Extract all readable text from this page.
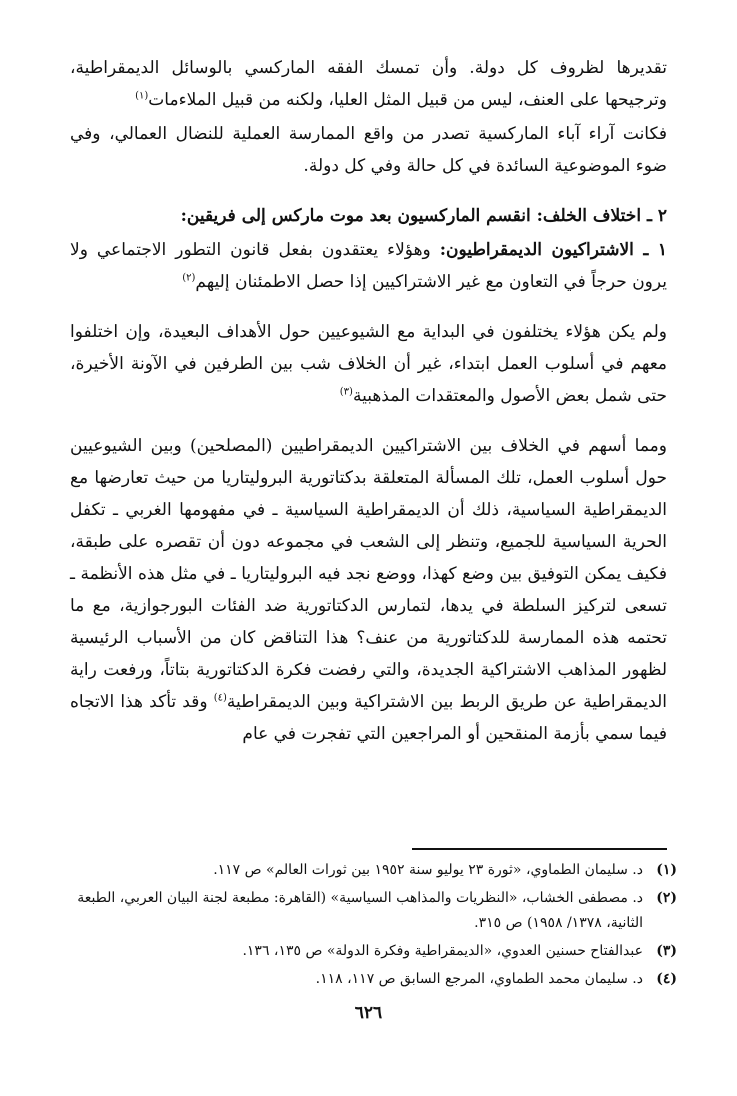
تقديرها لظروف كل دولة. وأن تمسك الفقه الماركسي بالوسائل الديمقراطية، وترجيحها على العنف، ليس من قبيل المثل العليا، ولكنه من قبيل الملاءمات$^{(١)}$

فكانت آراء آباء الماركسية تصدر من واقع الممارسة العملية للنضال العمالي، وفي ضوء الموضوعية السائدة في كل حالة وفي كل دولة.

٢ ـ اختلاف الخلف: انقسم الماركسيون بعد موت ماركس إلى فريقين:

١ ـ الاشتراكيون الديمقراطيون: وهؤلاء يعتقدون بفعل قانون التطور الاجتماعي ولا يرون حرجاً في التعاون مع غير الاشتراكيين إذا حصل الاطمئنان إليهم$^{(٢)}$

ولم يكن هؤلاء يختلفون في البداية مع الشيوعيين حول الأهداف البعيدة، وإن اختلفوا معهم في أسلوب العمل ابتداء، غير أن الخلاف شب بين الطرفين في الآونة الأخيرة، حتى شمل بعض الأصول والمعتقدات المذهبية$^{(٣)}$

ومما أسهم في الخلاف بين الاشتراكيين الديمقراطيين (المصلحين) وبين الشيوعيين حول أسلوب العمل، تلك المسألة المتعلقة بدكتاتورية البروليتاريا من حيث تعارضها مع الديمقراطية السياسية، ذلك أن الديمقراطية السياسية ـ في مفهومها الغربي ـ تكفل الحرية السياسية للجميع، وتنظر إلى الشعب في مجموعه دون أن تقصره على طبقة، فكيف يمكن التوفيق بين وضع كهذا، ووضع نجد فيه البروليتاريا ـ في مثل هذه الأنظمة ـ تسعى لتركيز السلطة في يدها، لتمارس الدكتاتورية ضد الفئات البورجوازية، مع ما تحتمه هذه الممارسة للدكتاتورية من عنف؟ هذا التناقض كان من الأسباب الرئيسية لظهور المذاهب الاشتراكية الجديدة، والتي رفضت فكرة الدكتاتورية بتاتاً، ورفعت راية الديمقراطية عن طريق الربط بين الاشتراكية وبين الديمقراطية$^{(٤)}$ وقد تأكد هذا الاتجاه فيما سمي بأزمة المنقحين أو المراجعين التي تفجرت في عام

(١)
د. سليمان الطماوي، «ثورة ٢٣ يوليو سنة ١٩٥٢ بين ثورات العالم» ص ١١٧.
(٢)
د. مصطفى الخشاب، «النظريات والمذاهب السياسية» (القاهرة: مطبعة لجنة البيان العربي، الطبعة الثانية، ١٣٧٨/ ١٩٥٨) ص ٣١٥.
(٣)
عبدالفتاح حسنين العدوي، «الديمقراطية وفكرة الدولة» ص ١٣٥، ١٣٦.
(٤)
د. سليمان محمد الطماوي، المرجع السابق ص ١١٧، ١١٨.
٦٢٦
